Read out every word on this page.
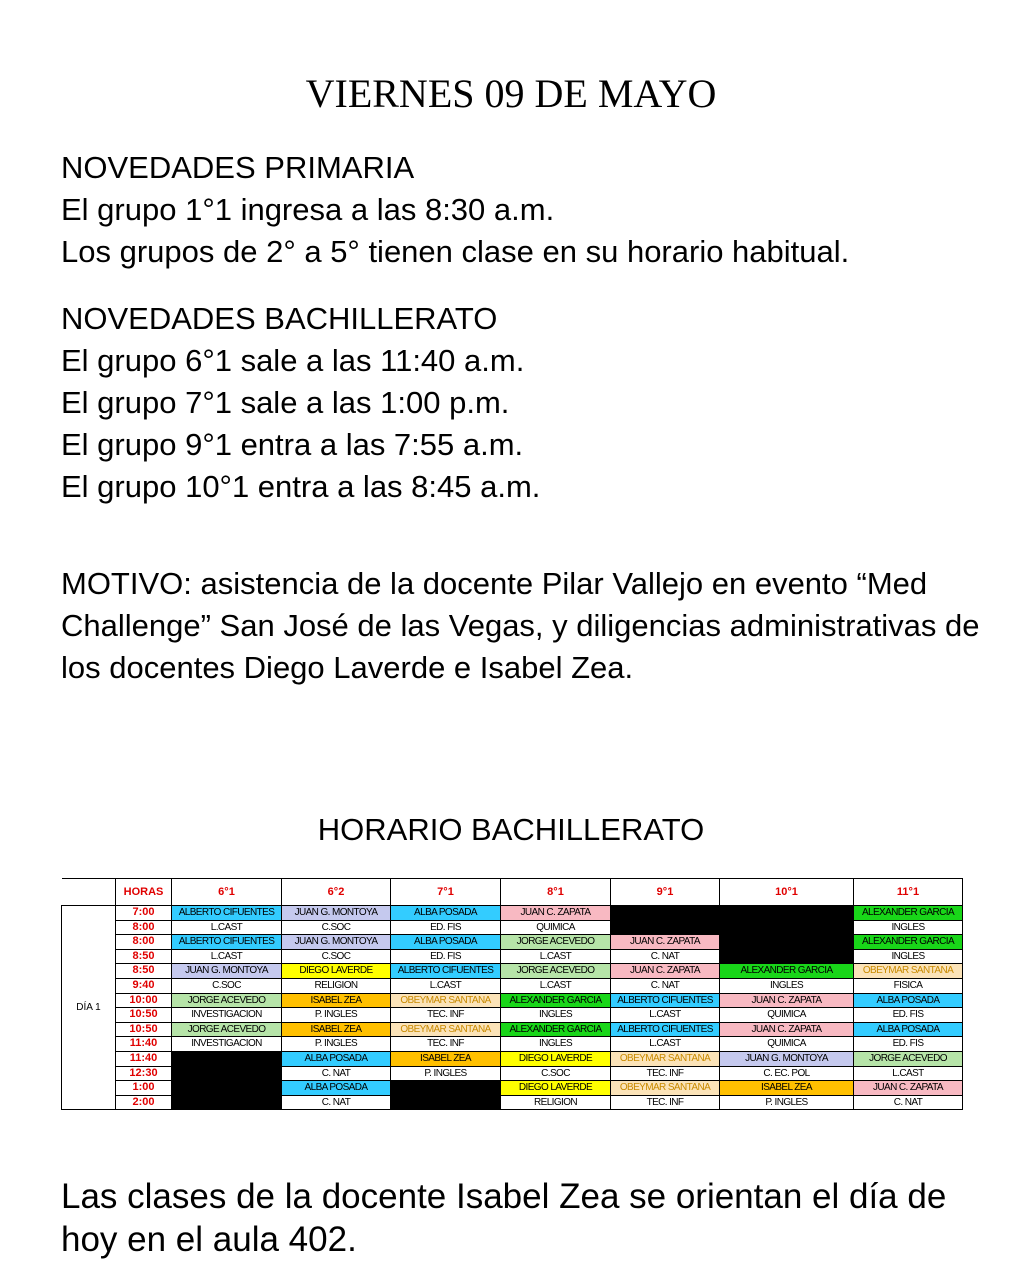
VIERNES 09 DE MAYO
NOVEDADES PRIMARIA
El grupo 1°1 ingresa a las 8:30 a.m.
Los grupos de 2° a 5° tienen clase en su horario habitual.
NOVEDADES BACHILLERATO
El grupo 6°1 sale a las 11:40 a.m.
El grupo 7°1 sale a las 1:00 p.m.
El grupo 9°1 entra a las 7:55 a.m.
El grupo 10°1 entra a las 8:45 a.m.
MOTIVO: asistencia de la docente Pilar Vallejo en evento “Med Challenge” San José de las Vegas, y diligencias administrativas de los docentes Diego Laverde e Isabel Zea.
HORARIO BACHILLERATO
	HORAS	6°1	6°2	7°1	8°1	9°1	10°1	11°1
DÍA 1	7:00	ALBERTO CIFUENTES	JUAN G. MONTOYA	ALBA POSADA	JUAN C. ZAPATA			ALEXANDER GARCIA
	8:00	L.CAST	C.SOC	ED. FIS	QUIMICA			INGLES
	8:00	ALBERTO CIFUENTES	JUAN G. MONTOYA	ALBA POSADA	JORGE ACEVEDO	JUAN C. ZAPATA		ALEXANDER GARCIA
	8:50	L.CAST	C.SOC	ED. FIS	L.CAST	C. NAT		INGLES
	8:50	JUAN G. MONTOYA	DIEGO LAVERDE	ALBERTO CIFUENTES	JORGE ACEVEDO	JUAN C. ZAPATA	ALEXANDER GARCIA	OBEYMAR SANTANA
	9:40	C.SOC	RELIGION	L.CAST	L.CAST	C. NAT	INGLES	FISICA
	10:00	JORGE ACEVEDO	ISABEL ZEA	OBEYMAR SANTANA	ALEXANDER GARCIA	ALBERTO CIFUENTES	JUAN C. ZAPATA	ALBA POSADA
	10:50	INVESTIGACION	P. INGLES	TEC. INF	INGLES	L.CAST	QUIMICA	ED. FIS
	10:50	JORGE ACEVEDO	ISABEL ZEA	OBEYMAR SANTANA	ALEXANDER GARCIA	ALBERTO CIFUENTES	JUAN C. ZAPATA	ALBA POSADA
	11:40	INVESTIGACION	P. INGLES	TEC. INF	INGLES	L.CAST	QUIMICA	ED. FIS
	11:40		ALBA POSADA	ISABEL ZEA	DIEGO LAVERDE	OBEYMAR SANTANA	JUAN G. MONTOYA	JORGE ACEVEDO
	12:30		C. NAT	P. INGLES	C.SOC	TEC. INF	C. EC. POL	L.CAST
	1:00		ALBA POSADA		DIEGO LAVERDE	OBEYMAR SANTANA	ISABEL ZEA	JUAN C. ZAPATA
	2:00		C. NAT		RELIGION	TEC. INF	P. INGLES	C. NAT
Las clases de la docente Isabel Zea se orientan el día de hoy en el aula 402.
